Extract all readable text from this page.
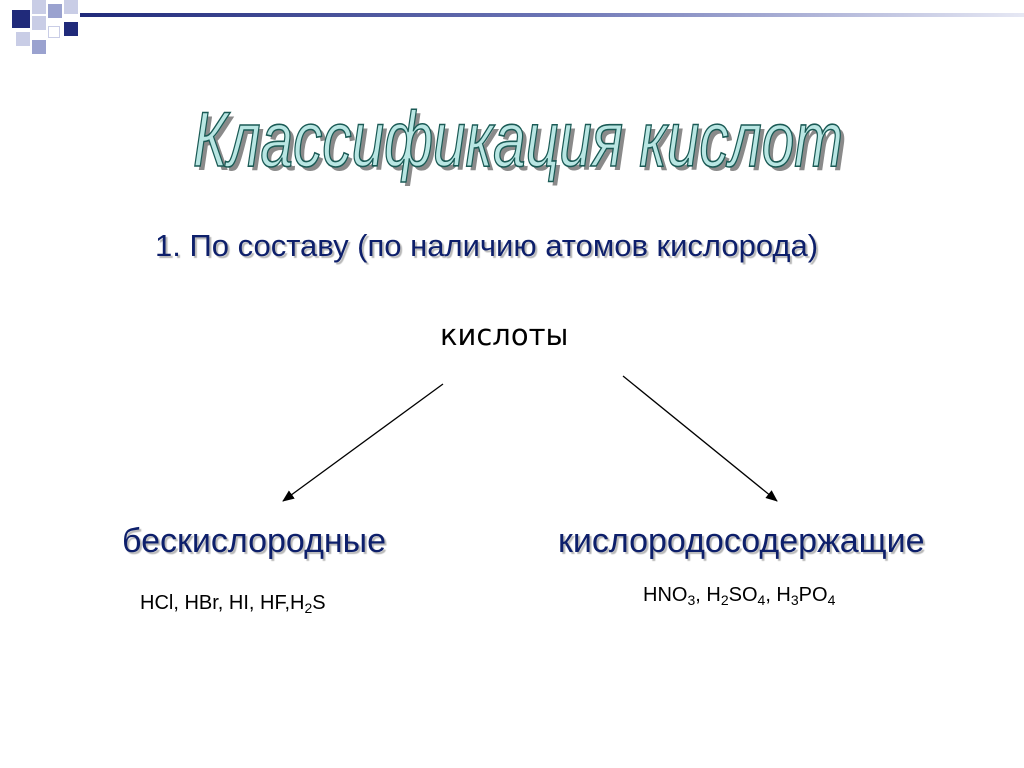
Классификация кислот
Классификация кислот
1. По составу (по наличию атомов кислорода)
кислоты
бескислородные	кислородосодержащие
HCl, HBr, HI, $HF,H_2S$	$HNO_3$, $H_2SO_4$, $H_3PO_4$
